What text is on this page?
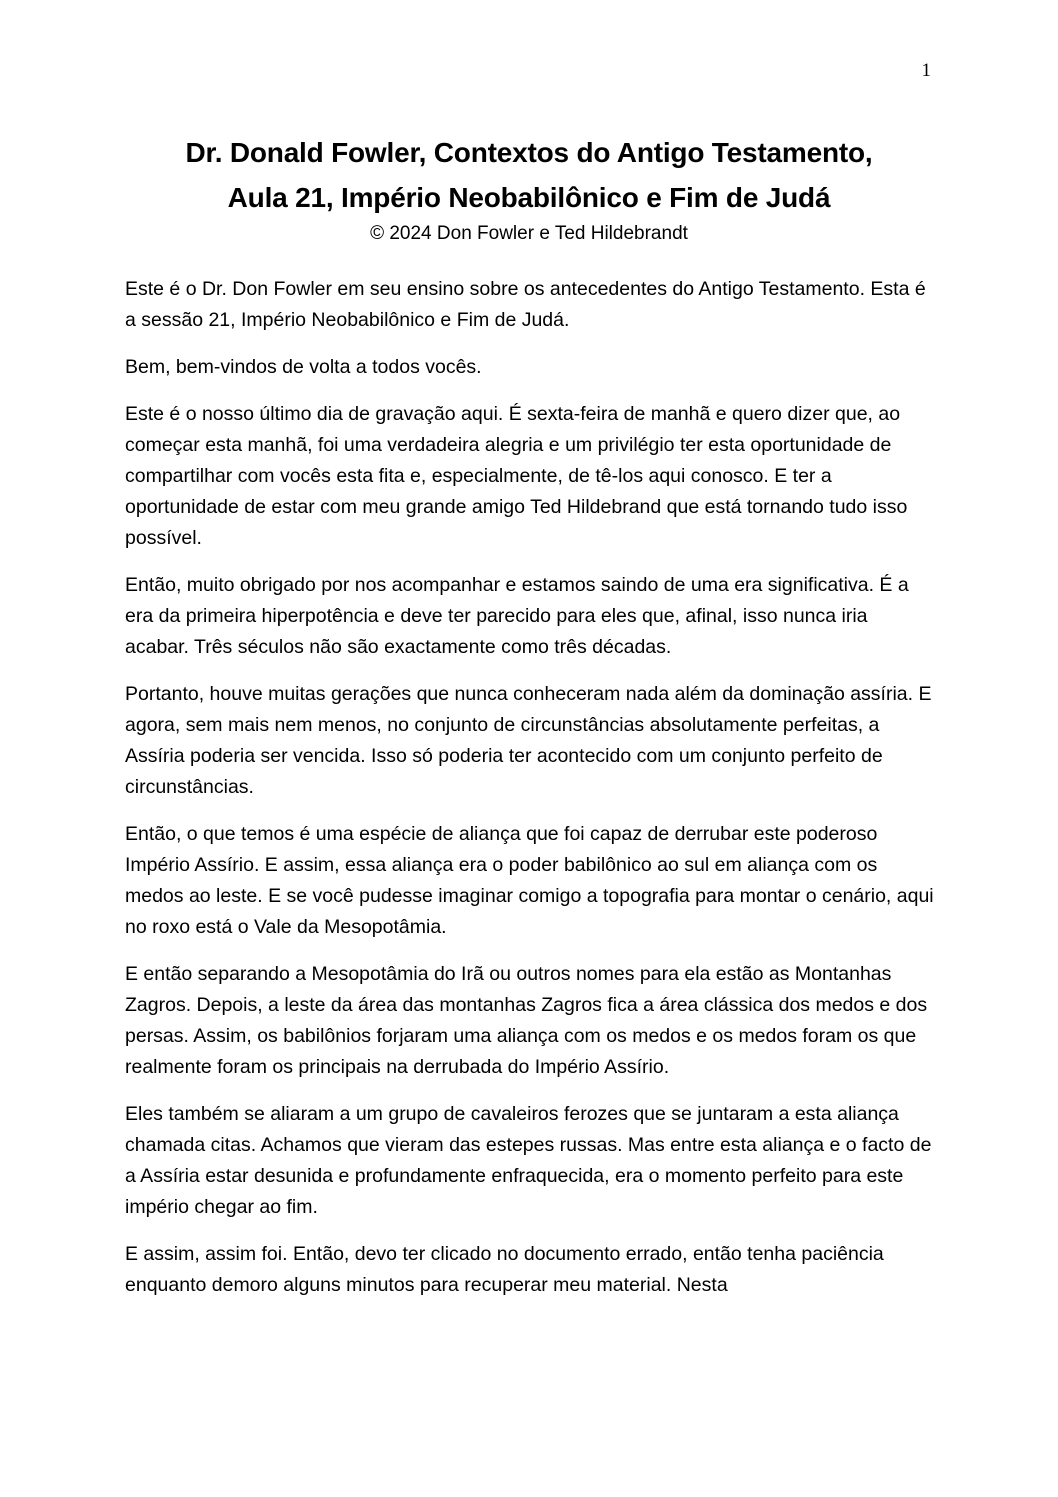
1
Dr. Donald Fowler, Contextos do Antigo Testamento,
Aula 21, Império Neobabilônico e Fim de Judá
© 2024 Don Fowler e Ted Hildebrandt

Este é o Dr. Don Fowler em seu ensino sobre os antecedentes do Antigo Testamento. Esta é a sessão 21, Império Neobabilônico e Fim de Judá.

Bem, bem-vindos de volta a todos vocês.

Este é o nosso último dia de gravação aqui. É sexta-feira de manhã e quero dizer que, ao começar esta manhã, foi uma verdadeira alegria e um privilégio ter esta oportunidade de compartilhar com vocês esta fita e, especialmente, de tê-los aqui conosco. E ter a oportunidade de estar com meu grande amigo Ted Hildebrand que está tornando tudo isso possível.

Então, muito obrigado por nos acompanhar e estamos saindo de uma era significativa. É a era da primeira hiperpotência e deve ter parecido para eles que, afinal, isso nunca iria acabar. Três séculos não são exactamente como três décadas.

Portanto, houve muitas gerações que nunca conheceram nada além da dominação assíria. E agora, sem mais nem menos, no conjunto de circunstâncias absolutamente perfeitas, a Assíria poderia ser vencida. Isso só poderia ter acontecido com um conjunto perfeito de circunstâncias.

Então, o que temos é uma espécie de aliança que foi capaz de derrubar este poderoso Império Assírio. E assim, essa aliança era o poder babilônico ao sul em aliança com os medos ao leste. E se você pudesse imaginar comigo a topografia para montar o cenário, aqui no roxo está o Vale da Mesopotâmia.

E então separando a Mesopotâmia do Irã ou outros nomes para ela estão as Montanhas Zagros. Depois, a leste da área das montanhas Zagros fica a área clássica dos medos e dos persas. Assim, os babilônios forjaram uma aliança com os medos e os medos foram os que realmente foram os principais na derrubada do Império Assírio.

Eles também se aliaram a um grupo de cavaleiros ferozes que se juntaram a esta aliança chamada citas. Achamos que vieram das estepes russas. Mas entre esta aliança e o facto de a Assíria estar desunida e profundamente enfraquecida, era o momento perfeito para este império chegar ao fim.

E assim, assim foi. Então, devo ter clicado no documento errado, então tenha paciência enquanto demoro alguns minutos para recuperar meu material. Nesta
